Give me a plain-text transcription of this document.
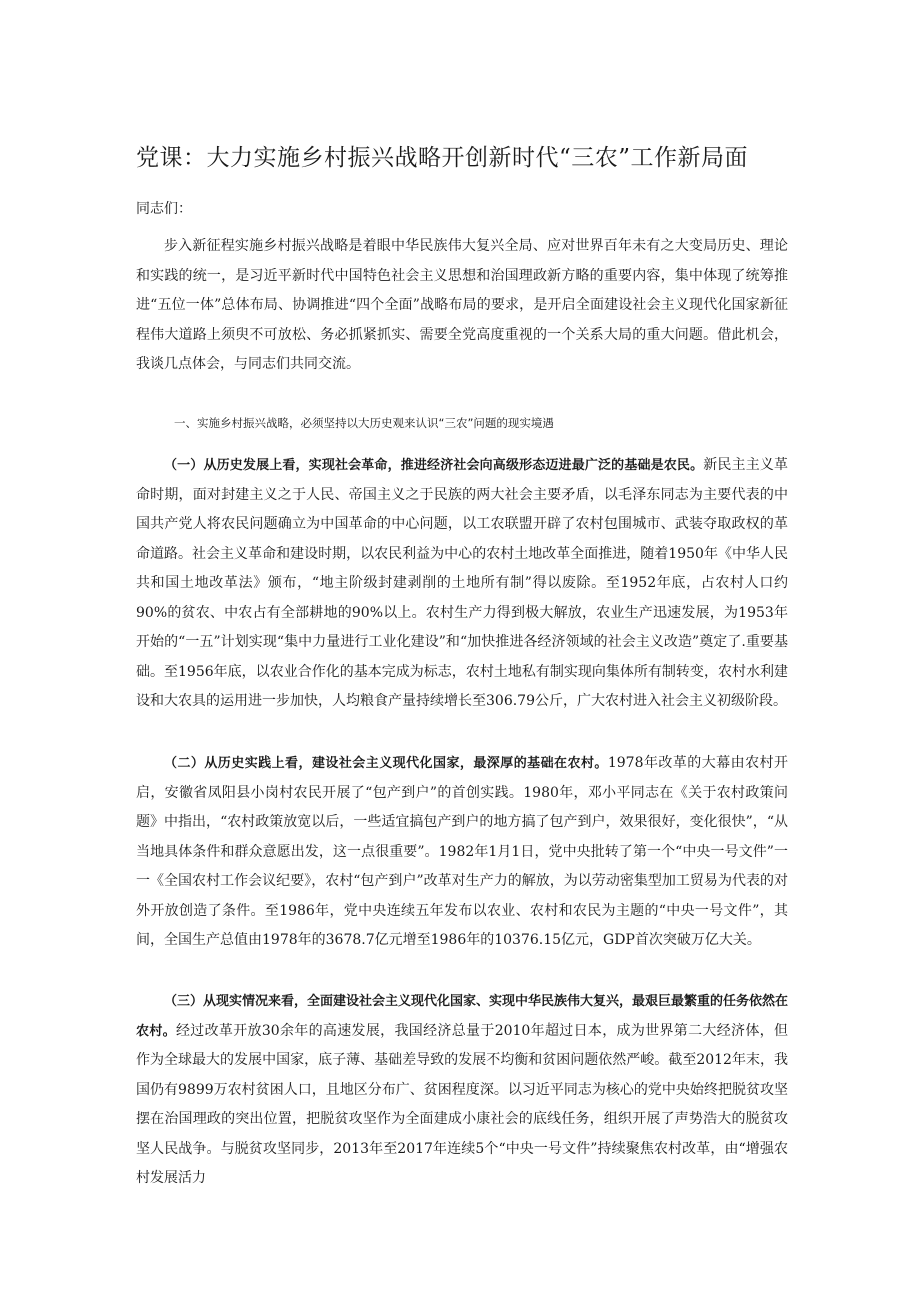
党课：大力实施乡村振兴战略开创新时代“三农”工作新局面

同志们：

步入新征程实施乡村振兴战略是着眼中华民族伟大复兴全局、应对世界百年未有之大变局历史、理论和实践的统一，是习近平新时代中国特色社会主义思想和治国理政新方略的重要内容，集中体现了统筹推进“五位一体”总体布局、协调推进“四个全面”战略布局的要求，是开启全面建设社会主义现代化国家新征程伟大道路上须臾不可放松、务必抓紧抓实、需要全党高度重视的一个关系大局的重大问题。借此机会，我谈几点体会，与同志们共同交流。

一、实施乡村振兴战略，必须坚持以大历史观来认识“三农”问题的现实境遇

（一）从历史发展上看，实现社会革命，推进经济社会向高级形态迈进最广泛的基础是农民。新民主主义革命时期，面对封建主义之于人民、帝国主义之于民族的两大社会主要矛盾，以毛泽东同志为主要代表的中国共产党人将农民问题确立为中国革命的中心问题，以工农联盟开辟了农村包围城市、武装夺取政权的革命道路。社会主义革命和建设时期，以农民利益为中心的农村土地改革全面推进，随着1950年《中华人民共和国土地改革法》颁布，“地主阶级封建剥削的土地所有制”得以废除。至1952年底，占农村人口约90%的贫农、中农占有全部耕地的90%以上。农村生产力得到极大解放，农业生产迅速发展，为1953年开始的“一五”计划实现“集中力量进行工业化建设”和“加快推进各经济领域的社会主义改造”奠定了.重要基础。至1956年底，以农业合作化的基本完成为标志，农村土地私有制实现向集体所有制转变，农村水利建设和大农具的运用进一步加快，人均粮食产量持续增长至306.79公斤，广大农村进入社会主义初级阶段。

（二）从历史实践上看，建设社会主义现代化国家，最深厚的基础在农村。1978年改革的大幕由农村开启，安徽省凤阳县小岗村农民开展了“包产到户”的首创实践。1980年，邓小平同志在《关于农村政策问题》中指出，“农村政策放宽以后，一些适宜搞包产到户的地方搞了包产到户，效果很好，变化很快”，“从当地具体条件和群众意愿出发，这一点很重要”。1982年1月1日，党中央批转了第一个“中央一号文件”一一《全国农村工作会议纪要》，农村“包产到户”改革对生产力的解放，为以劳动密集型加工贸易为代表的对外开放创造了条件。至1986年，党中央连续五年发布以农业、农村和农民为主题的“中央一号文件”，其间，全国生产总值由1978年的3678.7亿元增至1986年的10376.15亿元，GDP首次突破万亿大关。

（三）从现实情况来看，全面建设社会主义现代化国家、实现中华民族伟大复兴，最艰巨最繁重的任务依然在农村。经过改革开放30余年的高速发展，我国经济总量于2010年超过日本，成为世界第二大经济体，但作为全球最大的发展中国家，底子薄、基础差导致的发展不均衡和贫困问题依然严峻。截至2012年末，我国仍有9899万农村贫困人口，且地区分布广、贫困程度深。以习近平同志为核心的党中央始终把脱贫攻坚摆在治国理政的突出位置，把脱贫攻坚作为全面建成小康社会的底线任务，组织开展了声势浩大的脱贫攻坚人民战争。与脱贫攻坚同步，2013年至2017年连续5个“中央一号文件”持续聚焦农村改革，由“增强农村发展活力
